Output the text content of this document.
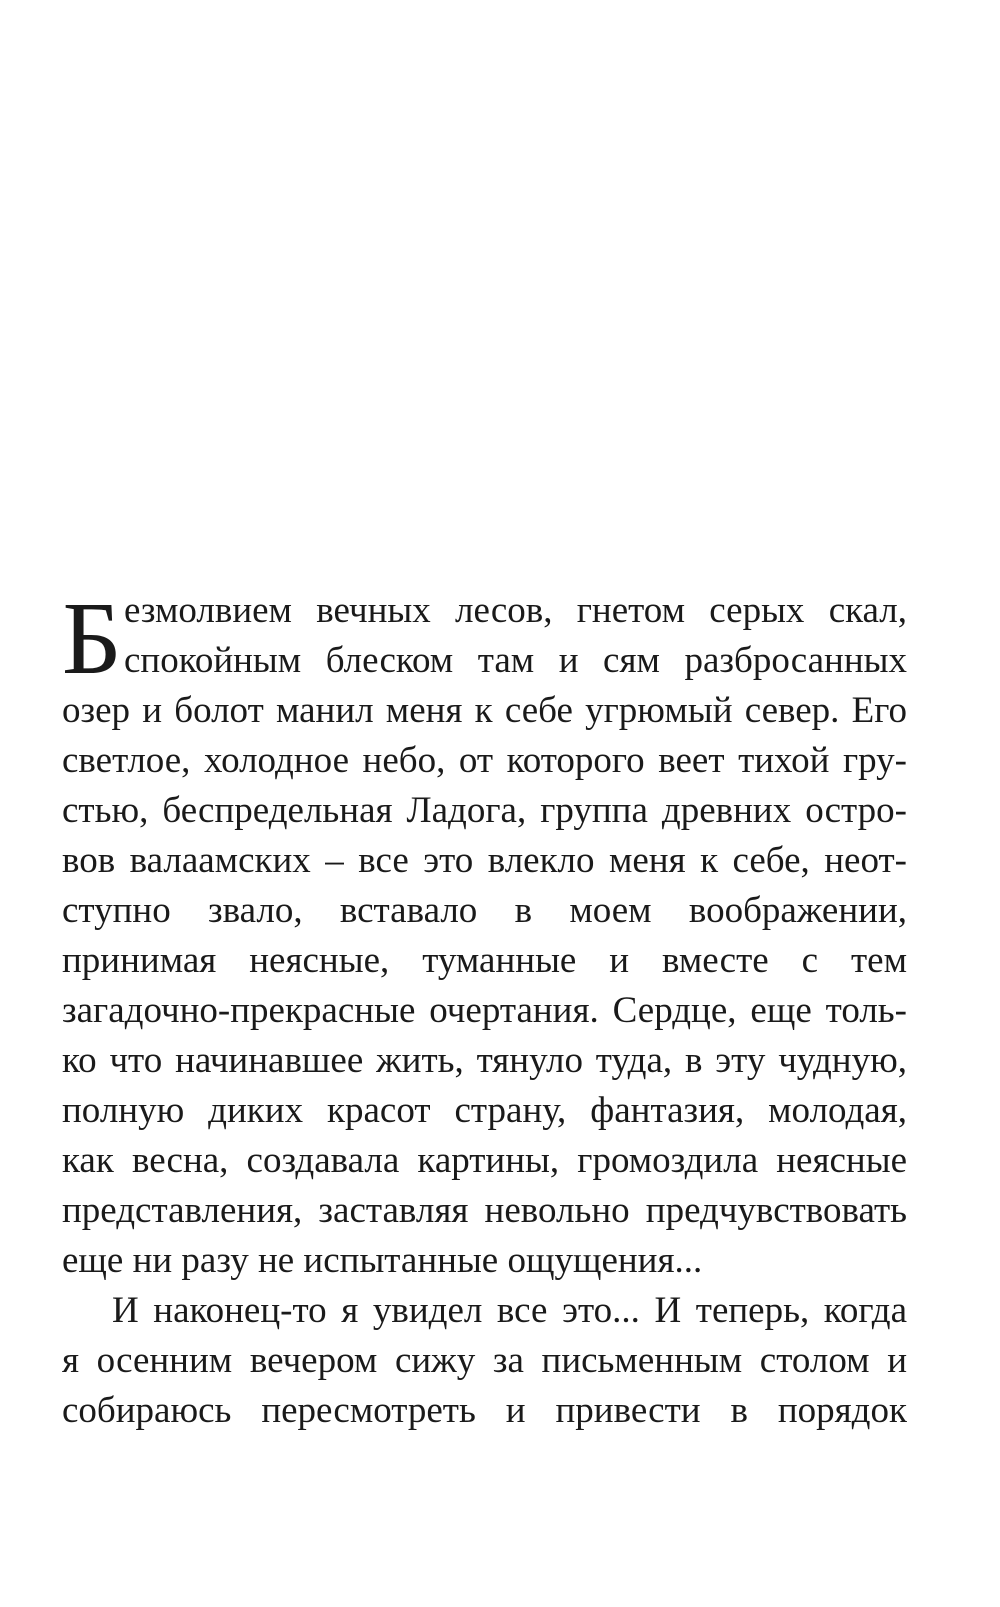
Б езмолвием вечных лесов, гнетом серых скал,
спокойным блеском там и сям разбросанных
озер и болот манил меня к себе угрюмый север. Его
светлое, холодное небо, от которого веет тихой гру-
стью, беспредельная Ладога, группа древних остро-
вов валаамских – все это влекло меня к себе, неот-
ступно звало, вставало в моем воображении,
принимая неясные, туманные и вместе с тем
загадочно-прекрасные очертания. Сердце, еще толь-
ко что начинавшее жить, тянуло туда, в эту чудную,
полную диких красот страну, фантазия, молодая,
как весна, создавала картины, громоздила неясные
представления, заставляя невольно предчувствовать
еще ни разу не испытанные ощущения...
И наконец-то я увидел все это... И теперь, когда
я осенним вечером сижу за письменным столом и
собираюсь пересмотреть и привести в порядок
